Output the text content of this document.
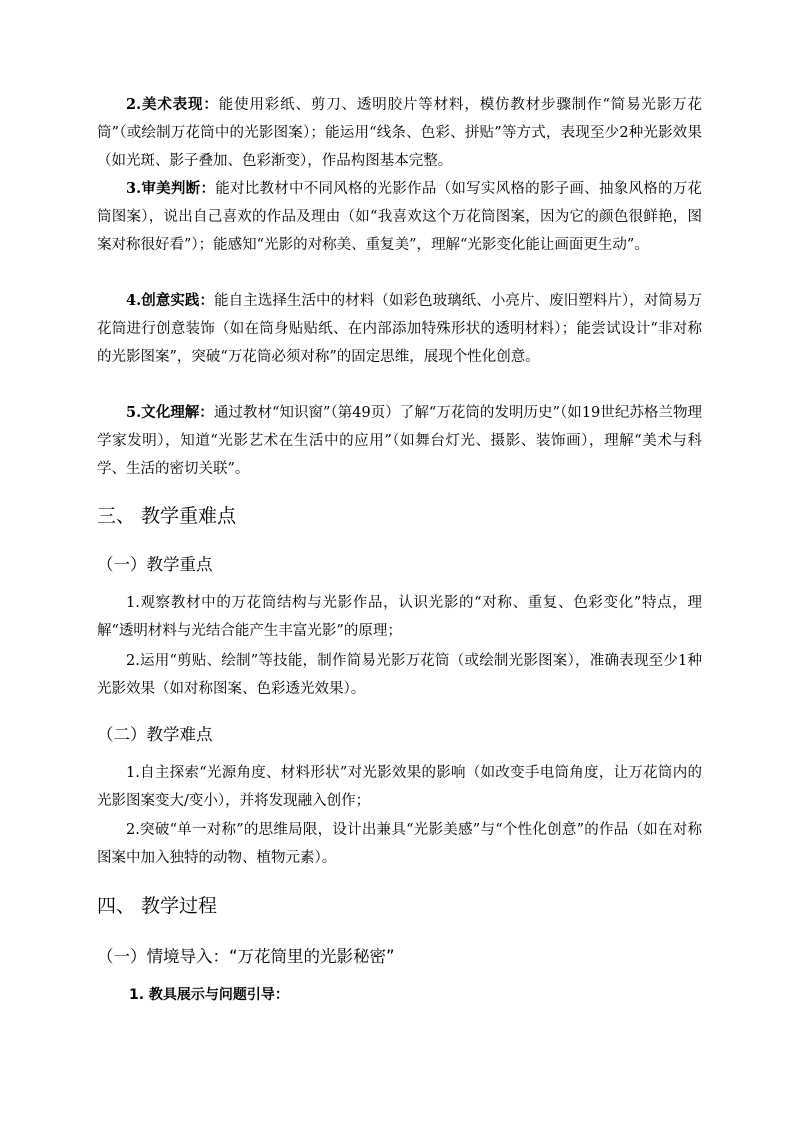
2.美术表现：能使用彩纸、剪刀、透明胶片等材料，模仿教材步骤制作“简易光影万花筒”（或绘制万花筒中的光影图案）；能运用“线条、色彩、拼贴”等方式，表现至少2种光影效果（如光斑、影子叠加、色彩渐变），作品构图基本完整。
3.审美判断：能对比教材中不同风格的光影作品（如写实风格的影子画、抽象风格的万花筒图案），说出自己喜欢的作品及理由（如“我喜欢这个万花筒图案，因为它的颜色很鲜艳，图案对称很好看”）；能感知“光影的对称美、重复美”，理解“光影变化能让画面更生动”。
4.创意实践：能自主选择生活中的材料（如彩色玻璃纸、小亮片、废旧塑料片），对简易万花筒进行创意装饰（如在筒身贴贴纸、在内部添加特殊形状的透明材料）；能尝试设计“非对称的光影图案”，突破“万花筒必须对称”的固定思维，展现个性化创意。
5.文化理解：通过教材“知识窗”（第49页）了解“万花筒的发明历史”（如19世纪苏格兰物理学家发明），知道“光影艺术在生活中的应用”（如舞台灯光、摄影、装饰画），理解“美术与科学、生活的密切关联”。
三、 教学重难点
（一）教学重点
1.观察教材中的万花筒结构与光影作品，认识光影的“对称、重复、色彩变化”特点，理解“透明材料与光结合能产生丰富光影”的原理；
2.运用“剪贴、绘制”等技能，制作简易光影万花筒（或绘制光影图案），准确表现至少1种光影效果（如对称图案、色彩透光效果）。
（二）教学难点
1.自主探索“光源角度、材料形状”对光影效果的影响（如改变手电筒角度，让万花筒内的光影图案变大/变小），并将发现融入创作；
2.突破“单一对称”的思维局限，设计出兼具“光影美感”与“个性化创意”的作品（如在对称图案中加入独特的动物、植物元素）。
四、 教学过程
（一）情境导入：“万花筒里的光影秘密”
1. 教具展示与问题引导：
